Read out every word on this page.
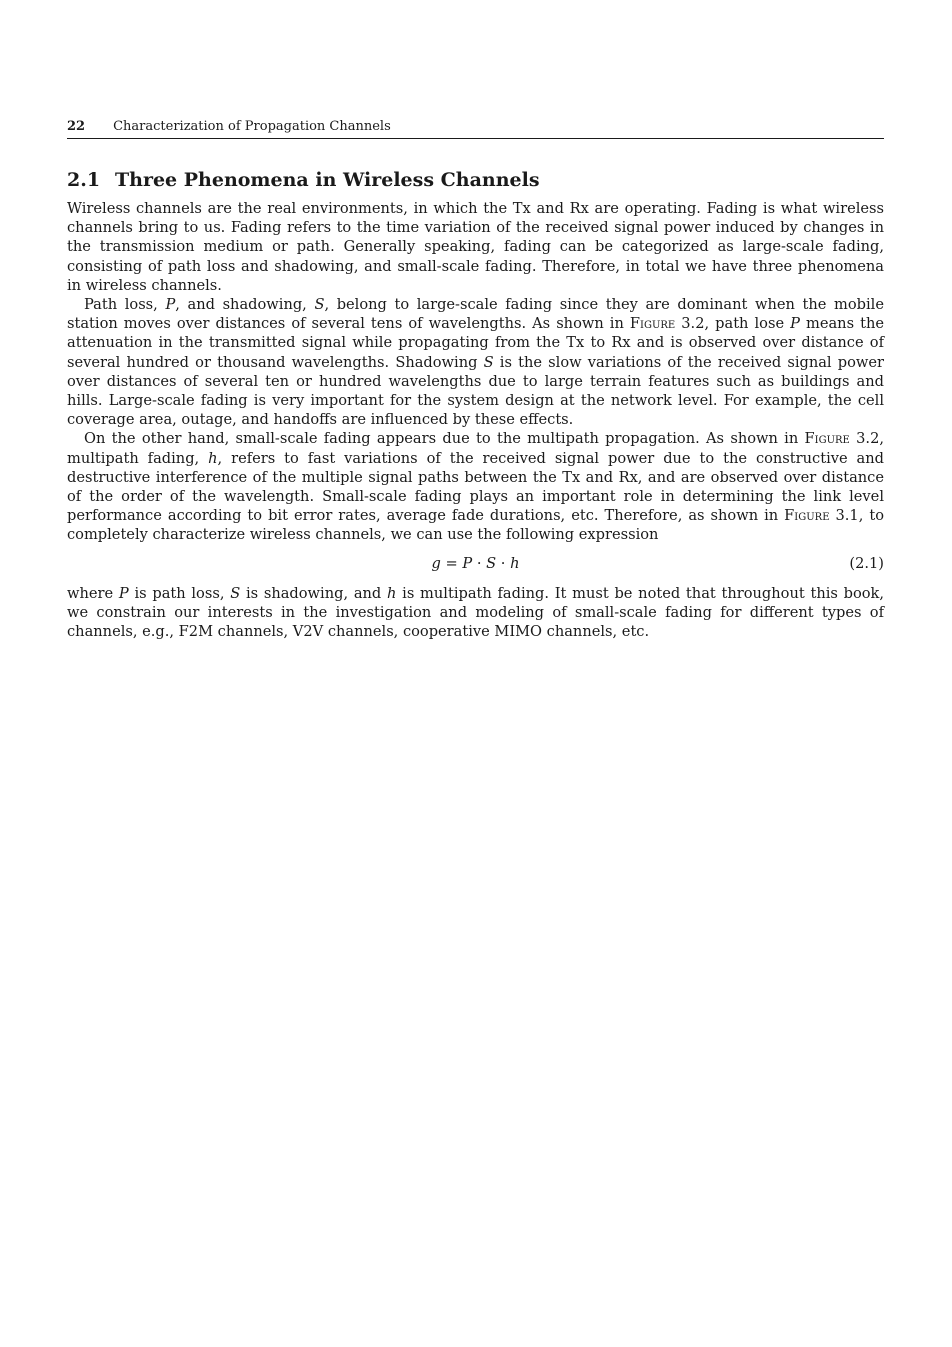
22 Characterization of Propagation Channels
2.1 Three Phenomena in Wireless Channels

Wireless channels are the real environments, in which the Tx and Rx are operating. Fading is what wireless channels bring to us. Fading refers to the time variation of the received signal power induced by changes in the transmission medium or path. Generally speaking, fading can be categorized as large-scale fading, consisting of path loss and shadowing, and small-scale fading. Therefore, in total we have three phenomena in wireless channels.

Path loss, P, and shadowing, S, belong to large-scale fading since they are dominant when the mobile station moves over distances of several tens of wavelengths. As shown in Figure 3.2, path lose P means the attenuation in the transmitted signal while propagating from the Tx to Rx and is observed over distance of several hundred or thousand wavelengths. Shadowing S is the slow variations of the received signal power over distances of several ten or hundred wavelengths due to large terrain features such as buildings and hills. Large-scale fading is very important for the system design at the network level. For example, the cell coverage area, outage, and handoffs are influenced by these effects.

On the other hand, small-scale fading appears due to the multipath propagation. As shown in Figure 3.2, multipath fading, h, refers to fast variations of the received signal power due to the constructive and destructive interference of the multiple signal paths between the Tx and Rx, and are observed over distance of the order of the wavelength. Small-scale fading plays an important role in determining the link level performance according to bit error rates, average fade durations, etc. Therefore, as shown in Figure 3.1, to completely characterize wireless channels, we can use the following expression

g = P · S · h	(2.1)

where P is path loss, S is shadowing, and h is multipath fading. It must be noted that throughout this book, we constrain our interests in the investigation and modeling of small-scale fading for different types of channels, e.g., F2M channels, V2V channels, cooperative MIMO channels, etc.
